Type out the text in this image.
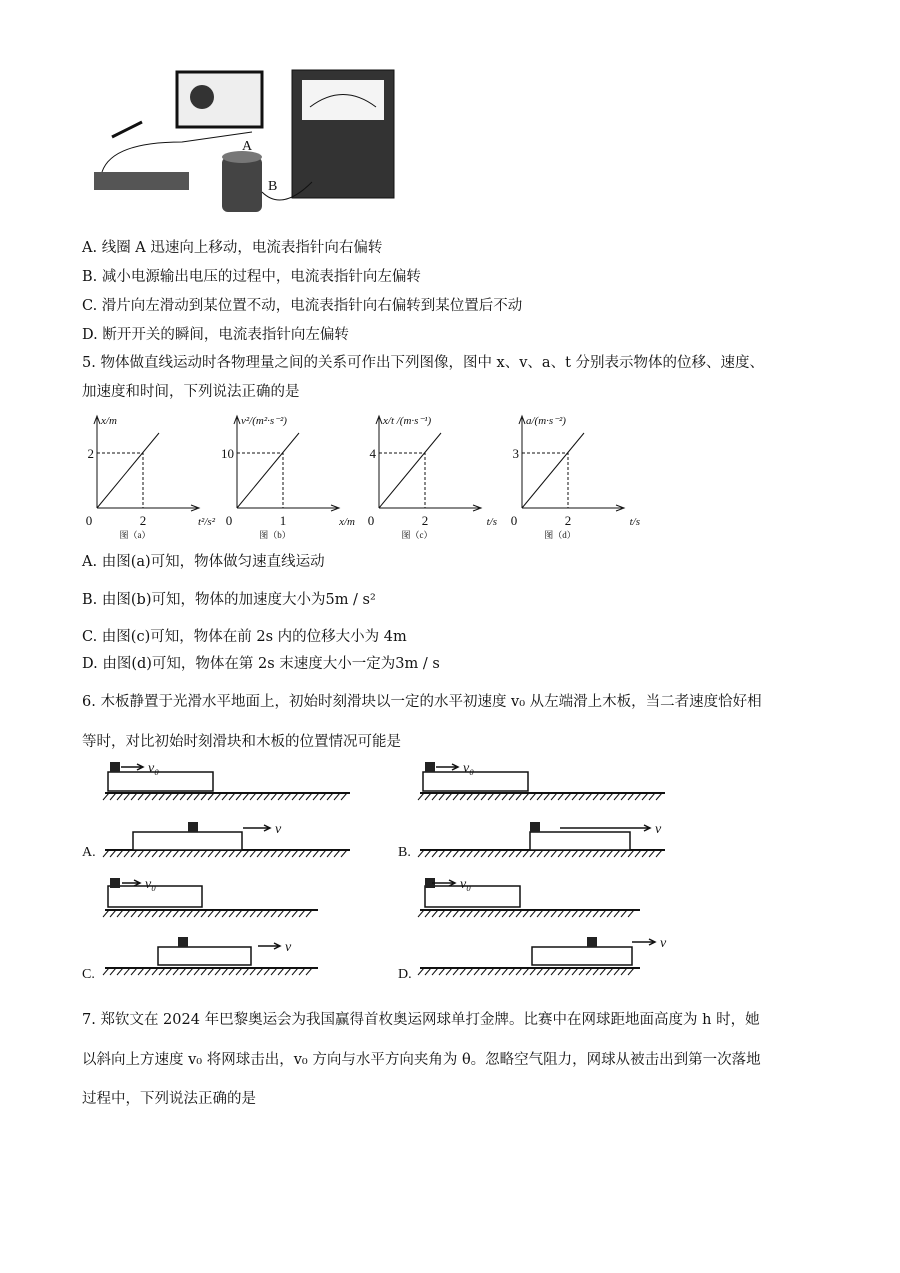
A
B
A. 线圈 A 迅速向上移动，电流表指针向右偏转
B. 减小电源输出电压的过程中，电流表指针向左偏转
C. 滑片向左滑动到某位置不动，电流表指针向右偏转到某位置后不动
D. 断开开关的瞬间，电流表指针向左偏转
5. 物体做直线运动时各物理量之间的关系可作出下列图像，图中 x、v、a、t 分别表示物体的位移、速度、
加速度和时间，下列说法正确的是
2
2
0
x/m
t²/s²
图（a）
10
1
0
v²/(m²·s⁻²)
x/m
图（b）
4
2
0
x/t /(m·s⁻¹)
t/s
图（c）
3
2
0
a/(m·s⁻²)
t/s
图（d）
A. 由图(a)可知，物体做匀速直线运动
B. 由图(b)可知，物体的加速度大小为5m / s²
C. 由图(c)可知，物体在前 2s 内的位移大小为 4m
D. 由图(d)可知，物体在第 2s 末速度大小一定为3m / s
6. 木板静置于光滑水平地面上，初始时刻滑块以一定的水平初速度 v₀ 从左端滑上木板，当二者速度恰好相
等时，对比初始时刻滑块和木板的位置情况可能是
v₀	v₀
v	v
v₀	v₀
v	v
A.	B.
C.	D.
7. 郑钦文在 2024 年巴黎奥运会为我国赢得首枚奥运网球单打金牌。比赛中在网球距地面高度为 h 时，她
以斜向上方速度 v₀ 将网球击出，v₀ 方向与水平方向夹角为 θ。忽略空气阻力，网球从被击出到第一次落地
过程中，下列说法正确的是
